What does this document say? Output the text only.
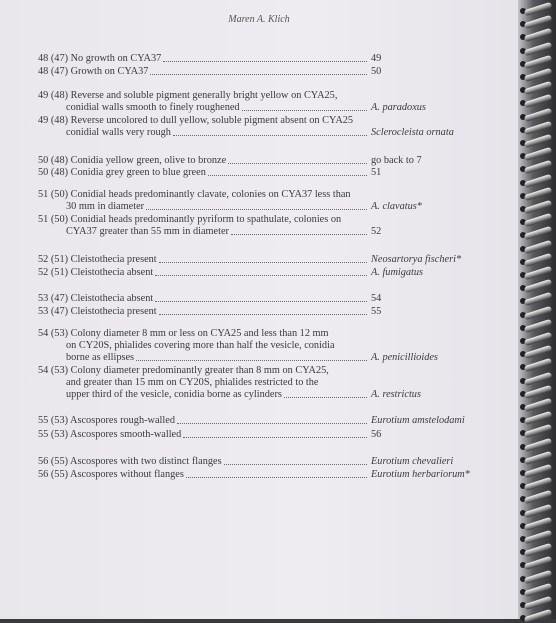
Maren A. Klich
48 (47) No growth on CYA37	49
48 (47) Growth on CYA37	50
49 (48) Reverse and soluble pigment generally bright yellow on CYA25,
conidial walls smooth to finely roughened	A. paradoxus
49 (48) Reverse uncolored to dull yellow, soluble pigment absent on CYA25
conidial walls very rough	Sclerocleista ornata
50 (48) Conidia yellow green, olive to bronze	go back to 7
50 (48) Conidia grey green to blue green	51
51 (50) Conidial heads predominantly clavate, colonies on CYA37 less than
30 mm in diameter	A. clavatus*
51 (50) Conidial heads predominantly pyriform to spathulate, colonies on
CYA37 greater than 55 mm in diameter	52
52 (51) Cleistothecia present	Neosartorya fischeri*
52 (51) Cleistothecia absent	A. fumigatus
53 (47) Cleistothecia absent	54
53 (47) Cleistothecia present	55
54 (53) Colony diameter 8 mm or less on CYA25 and less than 12 mm
on CY20S, phialides covering more than half the vesicle, conidia
borne as ellipses	A. penicillioides
54 (53) Colony diameter predominantly greater than 8 mm on CYA25,
and greater than 15 mm on CY20S, phialides restricted to the
upper third of the vesicle, conidia borne as cylinders	A. restrictus
55 (53) Ascospores rough-walled	Eurotium amstelodami
55 (53) Ascospores smooth-walled	56
56 (55) Ascospores with two distinct flanges	Eurotium chevalieri
56 (55) Ascospores without flanges	Eurotium herbariorum*
